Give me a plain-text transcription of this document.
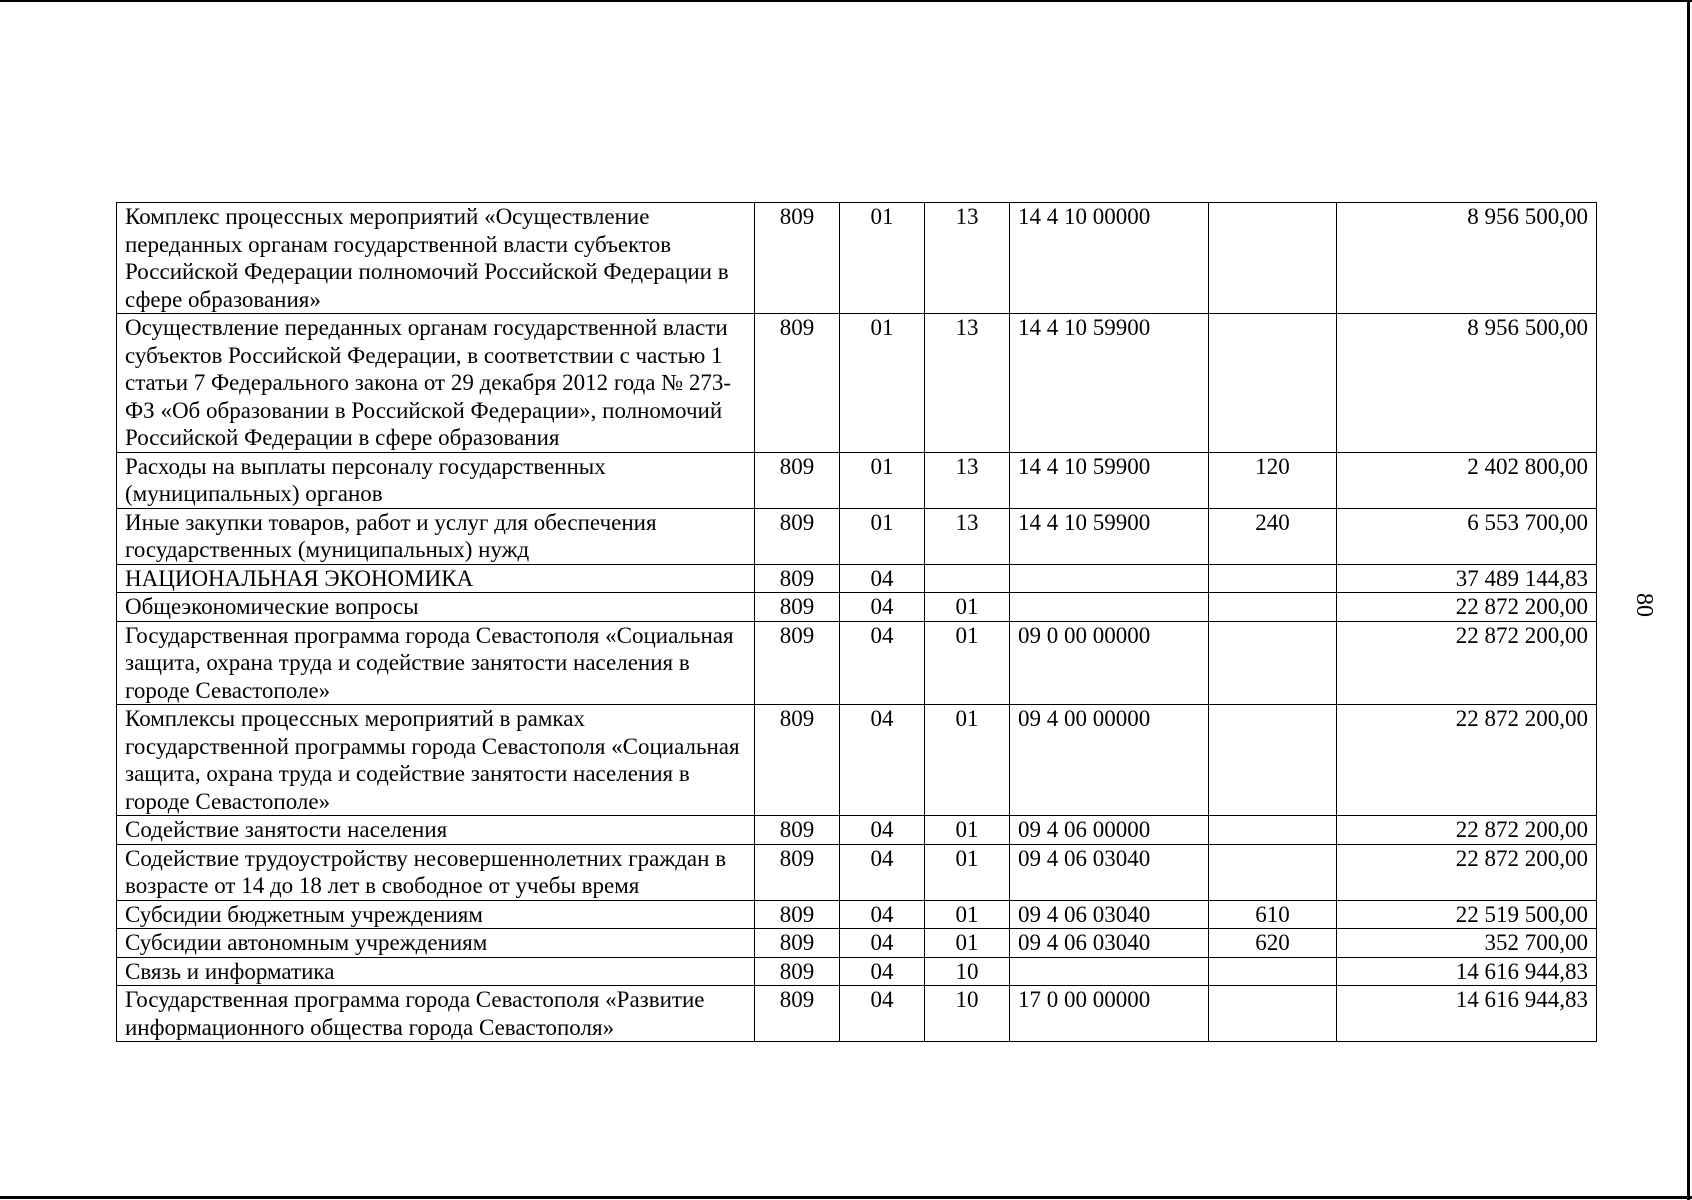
80
Комплекс процессных мероприятий «Осуществление переданных органам государственной власти субъектов Российской Федерации полномочий Российской Федерации в сфере образования»	809	01	13	14 4 10 00000		8 956 500,00
Осуществление переданных органам государственной власти субъектов Российской Федерации, в соответствии с частью 1 статьи 7 Федерального закона от 29 декабря 2012 года № 273-ФЗ «Об образовании в Российской Федерации», полномочий Российской Федерации в сфере образования	809	01	13	14 4 10 59900		8 956 500,00
Расходы на выплаты персоналу государственных (муниципальных) органов	809	01	13	14 4 10 59900	120	2 402 800,00
Иные закупки товаров, работ и услуг для обеспечения государственных (муниципальных) нужд	809	01	13	14 4 10 59900	240	6 553 700,00
НАЦИОНАЛЬНАЯ ЭКОНОМИКА	809	04				37 489 144,83
Общеэкономические вопросы	809	04	01			22 872 200,00
Государственная программа города Севастополя «Социальная защита, охрана труда и содействие занятости населения в городе Севастополе»	809	04	01	09 0 00 00000		22 872 200,00
Комплексы процессных мероприятий в рамках государственной программы города Севастополя «Социальная защита, охрана труда и содействие занятости населения в городе Севастополе»	809	04	01	09 4 00 00000		22 872 200,00
Содействие занятости населения	809	04	01	09 4 06 00000		22 872 200,00
Содействие трудоустройству несовершеннолетних граждан в возрасте от 14 до 18 лет в свободное от учебы время	809	04	01	09 4 06 03040		22 872 200,00
Субсидии бюджетным учреждениям	809	04	01	09 4 06 03040	610	22 519 500,00
Субсидии автономным учреждениям	809	04	01	09 4 06 03040	620	352 700,00
Связь и информатика	809	04	10			14 616 944,83
Государственная программа города Севастополя «Развитие информационного общества города Севастополя»	809	04	10	17 0 00 00000		14 616 944,83
